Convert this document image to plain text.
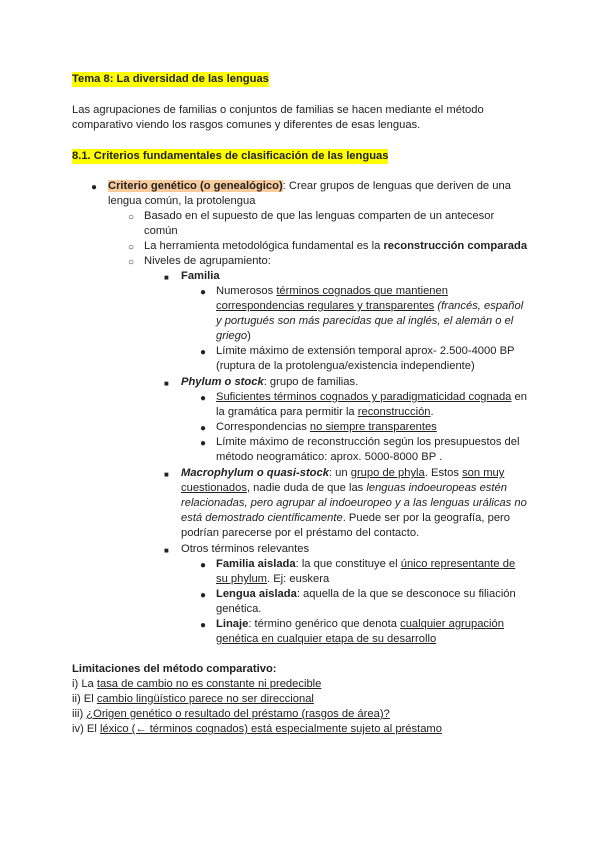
Tema 8: La diversidad de las lenguas
Las agrupaciones de familias o conjuntos de familias se hacen mediante el método
comparativo viendo los rasgos comunes y diferentes de esas lenguas.
8.1. Criterios fundamentales de clasificación de las lenguas
● Criterio genético (o genealógico): Crear grupos de lenguas que deriven de una
lengua común, la protolengua
○ Basado en el supuesto de que las lenguas comparten de un antecesor
común
○ La herramienta metodológica fundamental es la reconstrucción comparada
○ Niveles de agrupamiento:
■ Familia
● Numerosos términos cognados que mantienen
correspondencias regulares y transparentes (francés, español
y portugués son más parecidas que al inglés, el alemán o el
griego)
● Límite máximo de extensión temporal aprox- 2.500-4000 BP
(ruptura de la protolengua/existencia independiente)
■ Phylum o stock: grupo de familias.
● Suficientes términos cognados y paradigmaticidad cognada en
la gramática para permitir la reconstrucción.
● Correspondencias no siempre transparentes
● Límite máximo de reconstrucción según los presupuestos del
método neogramático: aprox. 5000-8000 BP .
■ Macrophylum o quasi-stock: un grupo de phyla. Estos son muy
cuestionados, nadie duda de que las lenguas indoeuropeas estén
relacionadas, pero agrupar al indoeuropeo y a las lenguas urálicas no
está demostrado científicamente. Puede ser por la geografía, pero
podrían parecerse por el préstamo del contacto.
■ Otros términos relevantes
● Familia aislada: la que constituye el único representante de
su phylum. Ej: euskera
● Lengua aislada: aquella de la que se desconoce su filiación
genética.
● Linaje: término genérico que denota cualquier agrupación
genética en cualquier etapa de su desarrollo
Limitaciones del método comparativo:
i) La tasa de cambio no es constante ni predecible
ii) El cambio lingüístico parece no ser direccional
iii) ¿Origen genético o resultado del préstamo (rasgos de área)?
iv) El léxico (← términos cognados) está especialmente sujeto al préstamo
